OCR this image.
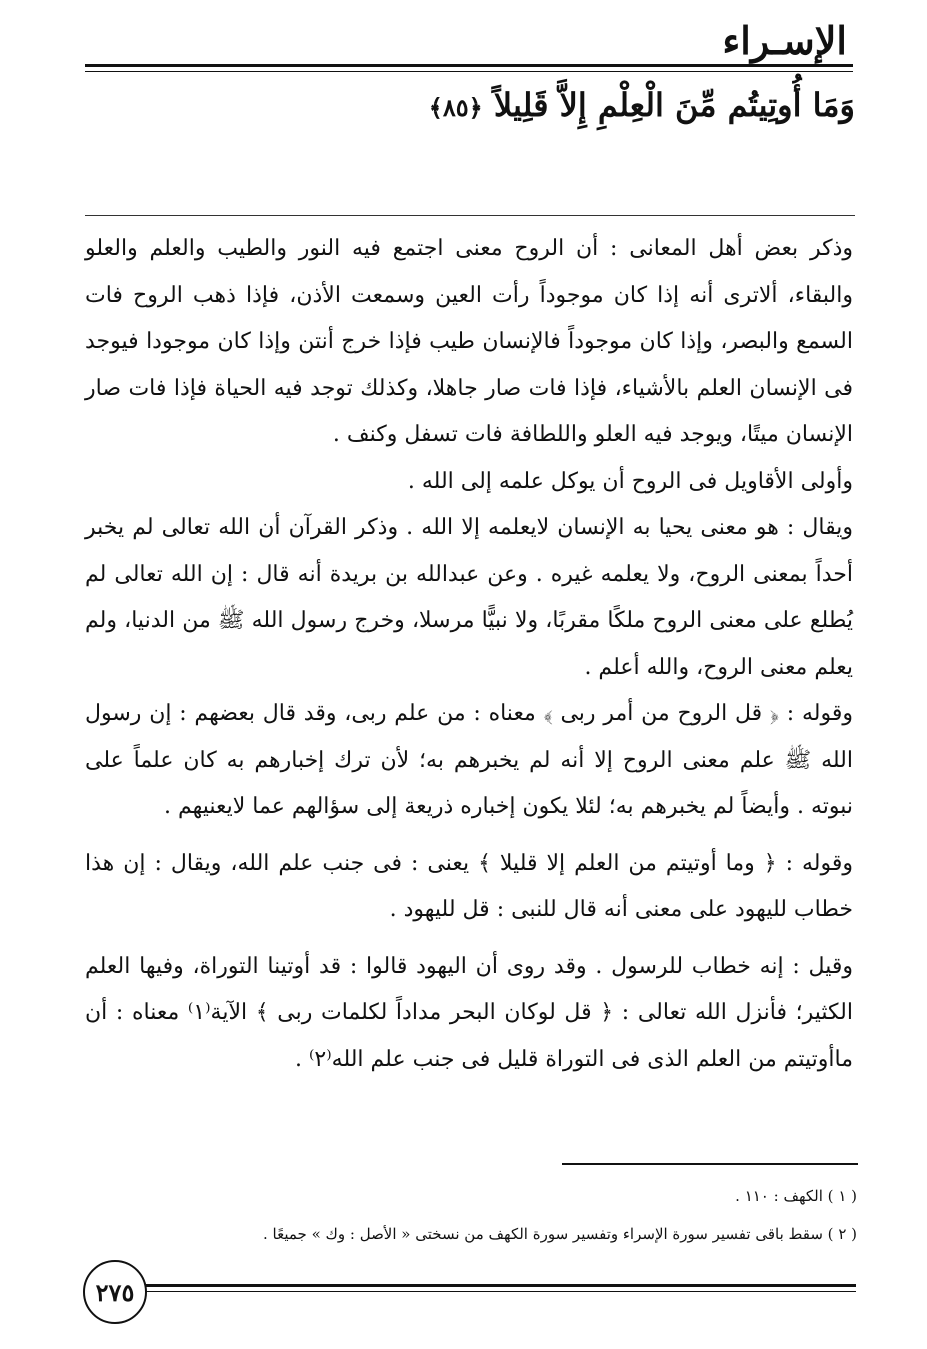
الإسـراء
وَمَا أُوتِيتُم مِّنَ الْعِلْمِ إِلاَّ قَلِيلاً ﴿٨٥﴾

وذكر بعض أهل المعانى : أن الروح معنى اجتمع فيه النور والطيب والعلم والعلو والبقاء، ألاترى أنه إذا كان موجوداً رأت العين وسمعت الأذن، فإذا ذهب الروح فات السمع والبصر، وإذا كان موجوداً فالإنسان طيب فإذا خرج أنتن وإذا كان موجودا فيوجد فى الإنسان العلم بالأشياء، فإذا فات صار جاهلا، وكذلك توجد فيه الحياة فإذا فات صار الإنسان ميتًا، ويوجد فيه العلو واللطافة فات تسفل وكنف .

وأولى الأقاويل فى الروح أن يوكل علمه إلى الله .

ويقال : هو معنى يحيا به الإنسان لايعلمه إلا الله . وذكر القرآن أن الله تعالى لم يخبر أحداً بمعنى الروح، ولا يعلمه غيره . وعن عبدالله بن بريدة أنه قال : إن الله تعالى لم يُطلع على معنى الروح ملكًا مقربًا، ولا نبيًّا مرسلا، وخرج رسول الله ﷺ من الدنيا، ولم يعلم معنى الروح، والله أعلم .

وقوله : ﴿ قل الروح من أمر ربى ﴾ معناه : من علم ربى، وقد قال بعضهم : إن رسول الله ﷺ علم معنى الروح إلا أنه لم يخبرهم به؛ لأن ترك إخبارهم به كان علماً على نبوته . وأيضاً لم يخبرهم به؛ لئلا يكون إخباره ذريعة إلى سؤالهم عما لايعنيهم .

وقوله : ﴿ وما أوتيتم من العلم إلا قليلا ﴾ يعنى : فى جنب علم الله، ويقال : إن هذا خطاب لليهود على معنى أنه قال للنبى : قل لليهود .

وقيل : إنه خطاب للرسول . وقد روى أن اليهود قالوا : قد أوتينا التوراة، وفيها العلم الكثير؛ فأنزل الله تعالى : ﴿ قل لوكان البحر مداداً لكلمات ربى ﴾ الآية⁽١⁾ معناه : أن ماأوتيتم من العلم الذى فى التوراة قليل فى جنب علم الله⁽٢⁾ .

( ١ ) الكهف : ١١٠ .

( ٢ ) سقط باقى تفسير سورة الإسراء وتفسير سورة الكهف من نسختى « الأصل : وك » جميعًا .

٢٧٥
